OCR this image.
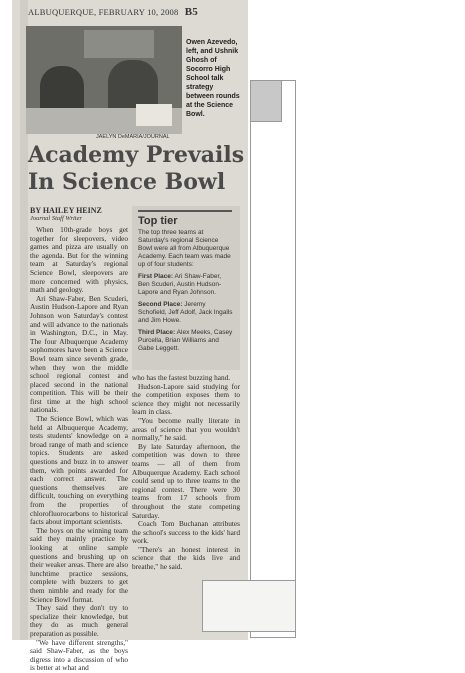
ALBUQUERQUE, FEBRUARY 10, 2008 B5
Owen Azevedo, left, and Ushnik Ghosh of Socorro High School talk strategy between rounds at the Science Bowl.
JAELYN DeMARIA/JOURNAL
Academy Prevails In Science Bowl
BY HAILEY HEINZ
Journal Staff Writer

When 10th-grade boys get together for sleepovers, video games and pizza are usually on the agenda. But for the winning team at Saturday's regional Science Bowl, sleepovers are more concerned with physics, math and geology.

Ari Shaw-Faber, Ben Scuderi, Austin Hudson-Lapore and Ryan Johnson won Saturday's contest and will advance to the nationals in Washington, D.C., in May. The four Albuquerque Academy sophomores have been a Science Bowl team since seventh grade, when they won the middle school regional contest and placed second in the national competition. This will be their first time at the high school nationals.

The Science Bowl, which was held at Albuquerque Academy, tests students' knowledge on a broad range of math and science topics. Students are asked questions and buzz in to answer them, with points awarded for each correct answer. The questions themselves are difficult, touching on everything from the properties of chlorofluorocarbons to historical facts about important scientists.

The boys on the winning team said they mainly practice by looking at online sample questions and brushing up on their weaker areas. There are also lunchtime practice sessions, complete with buzzers to get them nimble and ready for the Science Bowl format.

They said they don't try to specialize their knowledge, but they do as much general preparation as possible.

"We have different strengths," said Shaw-Faber, as the boys digress into a discussion of who is better at what and

Top tier
The top three teams at Saturday's regional Science Bowl were all from Albuquerque Academy. Each team was made up of four students:
First Place: Ari Shaw-Faber, Ben Scuderi, Austin Hudson-Lapore and Ryan Johnson.
Second Place: Jeremy Schofield, Jeff Adolf, Jack Ingalls and Jim Howe.
Third Place: Alex Meeks, Casey Purcella, Brian Williams and Gabe Leggett.

who has the fastest buzzing hand.

Hudson-Lapore said studying for the competition exposes them to science they might not necessarily learn in class.

"You become really literate in areas of science that you wouldn't normally," he said.

By late Saturday afternoon, the competition was down to three teams — all of them from Albuquerque Academy. Each school could send up to three teams to the regional contest. There were 30 teams from 17 schools from throughout the state competing Saturday.

Coach Tom Buchanan attributes the school's success to the kids' hard work.

"There's an honest interest in science that the kids live and breathe," he said.
